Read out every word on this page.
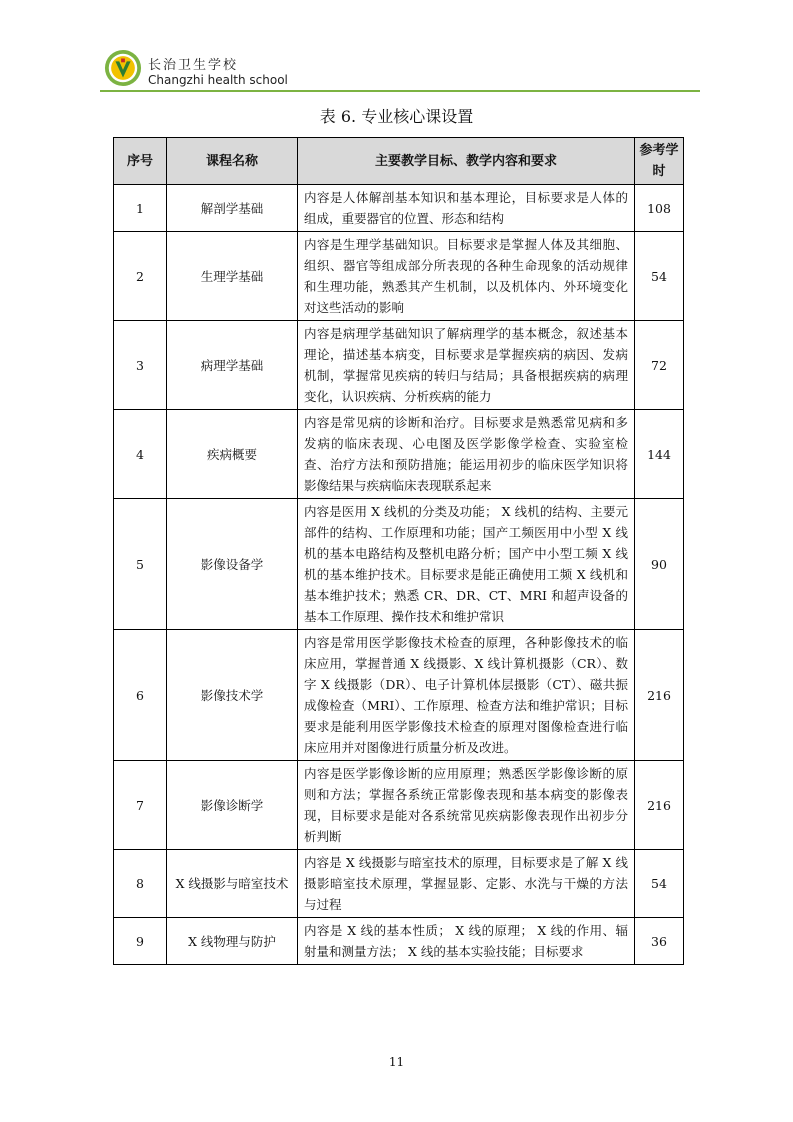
长治卫生学校
Changzhi health school
表 6. 专业核心课设置
序号	课程名称	主要教学目标、教学内容和要求	参考学时
1	解剖学基础	内容是人体解剖基本知识和基本理论，目标要求是人体的组成，重要器官的位置、形态和结构	108
2	生理学基础	内容是生理学基础知识。目标要求是掌握人体及其细胞、组织、器官等组成部分所表现的各种生命现象的活动规律和生理功能，熟悉其产生机制，以及机体内、外环境变化对这些活动的影响	54
3	病理学基础	内容是病理学基础知识了解病理学的基本概念，叙述基本理论，描述基本病变，目标要求是掌握疾病的病因、发病机制，掌握常见疾病的转归与结局；具备根据疾病的病理变化，认识疾病、分析疾病的能力	72
4	疾病概要	内容是常见病的诊断和治疗。目标要求是熟悉常见病和多发病的临床表现、心电图及医学影像学检查、实验室检查、治疗方法和预防措施；能运用初步的临床医学知识将影像结果与疾病临床表现联系起来	144
5	影像设备学	内容是医用 X 线机的分类及功能； X 线机的结构、主要元部件的结构、工作原理和功能；国产工频医用中小型 X 线机的基本电路结构及整机电路分析；国产中小型工频 X 线机的基本维护技术。目标要求是能正确使用工频 X 线机和基本维护技术；熟悉 CR、DR、CT、MRI 和超声设备的基本工作原理、操作技术和维护常识	90
6	影像技术学	内容是常用医学影像技术检查的原理，各种影像技术的临床应用，掌握普通 X 线摄影、X 线计算机摄影（CR）、数字 X 线摄影（DR）、电子计算机体层摄影（CT）、磁共振成像检查（MRI）、工作原理、检查方法和维护常识；目标要求是能利用医学影像技术检查的原理对图像检查进行临床应用并对图像进行质量分析及改进。	216
7	影像诊断学	内容是医学影像诊断的应用原理；熟悉医学影像诊断的原则和方法；掌握各系统正常影像表现和基本病变的影像表现，目标要求是能对各系统常见疾病影像表现作出初步分析判断	216
8	X 线摄影与暗室技术	内容是 X 线摄影与暗室技术的原理，目标要求是了解 X 线摄影暗室技术原理，掌握显影、定影、水洗与干燥的方法与过程	54
9	X 线物理与防护	内容是 X 线的基本性质； X 线的原理； X 线的作用、辐射量和测量方法； X 线的基本实验技能；目标要求	36
11
